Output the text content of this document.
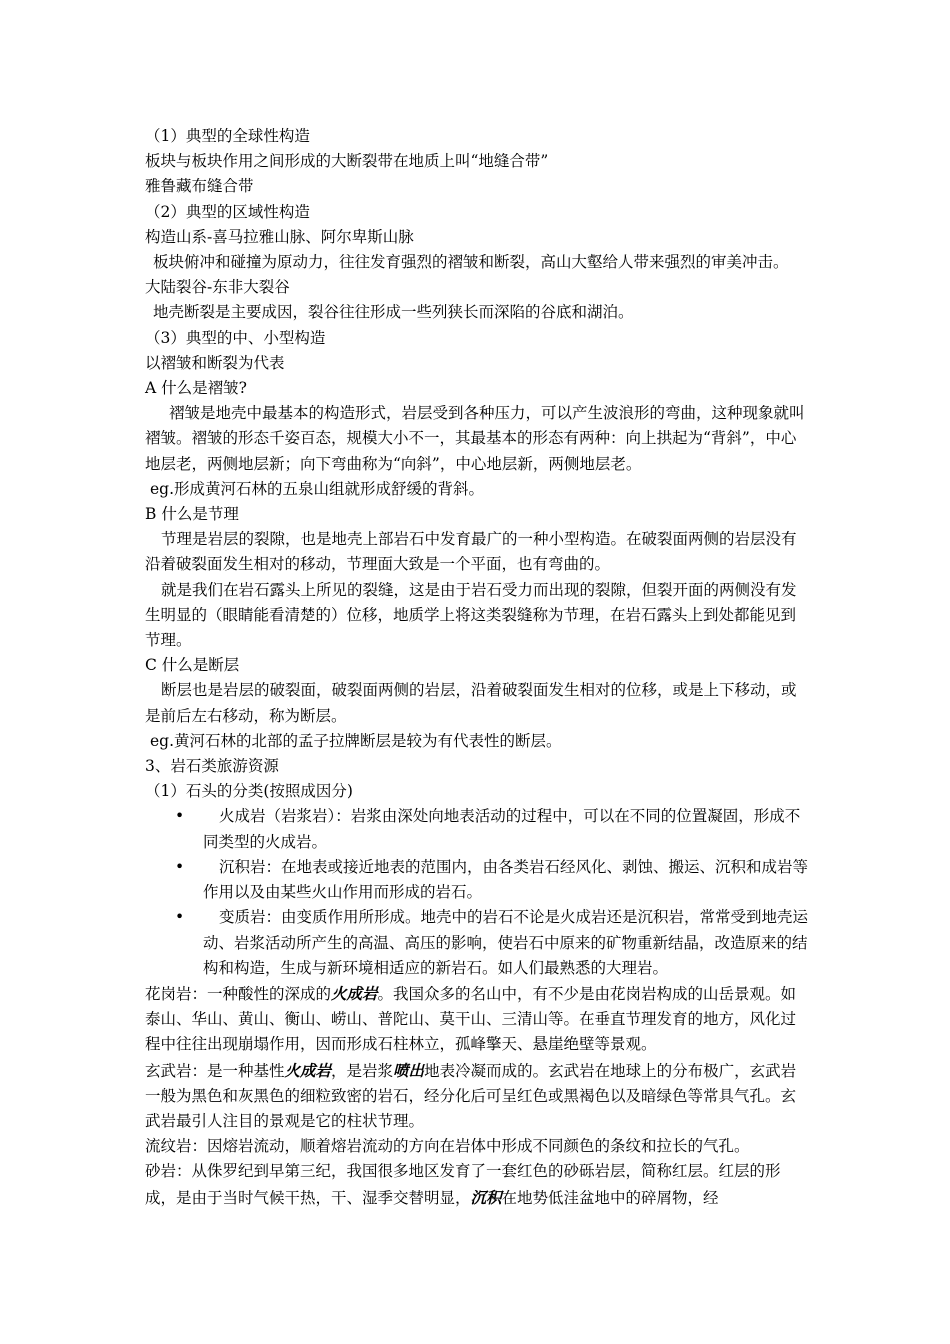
（1）典型的全球性构造

板块与板块作用之间形成的大断裂带在地质上叫“地缝合带”

雅鲁藏布缝合带

（2）典型的区域性构造

构造山系-喜马拉雅山脉、阿尔卑斯山脉

板块俯冲和碰撞为原动力，往往发育强烈的褶皱和断裂，高山大壑给人带来强烈的审美冲击。

大陆裂谷-东非大裂谷

地壳断裂是主要成因，裂谷往往形成一些列狭长而深陷的谷底和湖泊。

（3）典型的中、小型构造

以褶皱和断裂为代表

A 什么是褶皱?

褶皱是地壳中最基本的构造形式，岩层受到各种压力，可以产生波浪形的弯曲，这种现象就叫褶皱。褶皱的形态千姿百态，规模大小不一，其最基本的形态有两种：向上拱起为“背斜”，中心地层老，两侧地层新；向下弯曲称为“向斜”，中心地层新，两侧地层老。

eg.形成黄河石林的五泉山组就形成舒缓的背斜。

B 什么是节理

节理是岩层的裂隙，也是地壳上部岩石中发育最广的一种小型构造。在破裂面两侧的岩层没有沿着破裂面发生相对的移动，节理面大致是一个平面，也有弯曲的。

就是我们在岩石露头上所见的裂缝，这是由于岩石受力而出现的裂隙，但裂开面的两侧没有发生明显的（眼睛能看清楚的）位移，地质学上将这类裂缝称为节理，在岩石露头上到处都能见到节理。

C 什么是断层

断层也是岩层的破裂面，破裂面两侧的岩层，沿着破裂面发生相对的位移，或是上下移动，或是前后左右移动，称为断层。

eg.黄河石林的北部的孟子拉牌断层是较为有代表性的断层。

3、岩石类旅游资源

（1）石头的分类(按照成因分)

•	火成岩（岩浆岩）：岩浆由深处向地表活动的过程中，可以在不同的位置凝固，形成不同类型的火成岩。
•	沉积岩：在地表或接近地表的范围内，由各类岩石经风化、剥蚀、搬运、沉积和成岩等作用以及由某些火山作用而形成的岩石。
•	变质岩：由变质作用所形成。地壳中的岩石不论是火成岩还是沉积岩，常常受到地壳运动、岩浆活动所产生的高温、高压的影响，使岩石中原来的矿物重新结晶，改造原来的结构和构造，生成与新环境相适应的新岩石。如人们最熟悉的大理岩。

花岗岩：一种酸性的深成的火成岩。我国众多的名山中，有不少是由花岗岩构成的山岳景观。如泰山、华山、黄山、衡山、崂山、普陀山、莫干山、三清山等。在垂直节理发育的地方，风化过程中往往出现崩塌作用，因而形成石柱林立，孤峰擎天、悬崖绝壁等景观。

玄武岩：是一种基性火成岩，是岩浆喷出地表冷凝而成的。玄武岩在地球上的分布极广，玄武岩一般为黑色和灰黑色的细粒致密的岩石，经分化后可呈红色或黑褐色以及暗绿色等常具气孔。玄武岩最引人注目的景观是它的柱状节理。

流纹岩：因熔岩流动，顺着熔岩流动的方向在岩体中形成不同颜色的条纹和拉长的气孔。

砂岩：从侏罗纪到早第三纪，我国很多地区发育了一套红色的砂砾岩层，简称红层。红层的形成，是由于当时气候干热，干、湿季交替明显，沉积在地势低洼盆地中的碎屑物，经
